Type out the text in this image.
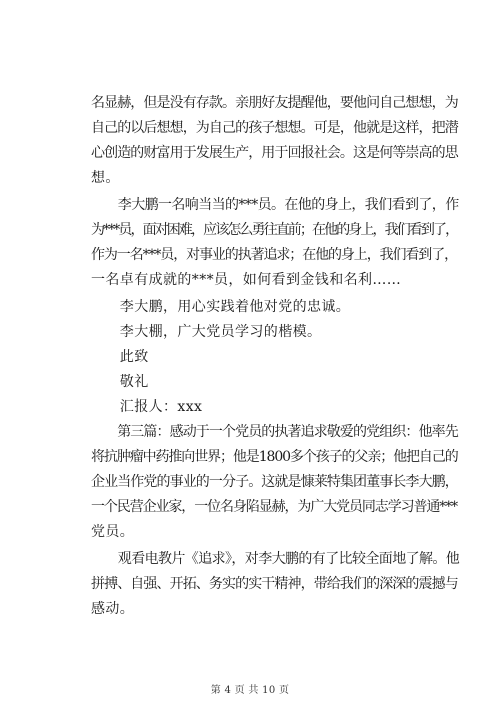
名显赫，但是没有存款。亲朋好友提醒他，要他问自己想想，为
自己的以后想想，为自己的孩子想想。可是，他就是这样，把潜
心创造的财富用于发展生产，用于回报社会。这是何等崇高的思
想。
　　李大鹏一名响当当的***员。在他的身上，我们看到了，作
为***员，面对困难，应该怎么勇往直前；在他的身上，我们看到了，
作为一名***员，对事业的执著追求；在他的身上，我们看到了，
一名卓有成就的***员，如何看到金钱和名利……
　　李大鹏，用心实践着他对党的忠诚。
　　李大棚，广大党员学习的楷模。
　　此致
　　敬礼
　　汇报人：xxx
　　第三篇：感动于一个党员的执著追求敬爱的党组织：他率先
将抗肿瘤中药推向世界；他是1800多个孩子的父亲；他把自己的
企业当作党的事业的一分子。这就是慷莱特集团董事长李大鹏，
一个民营企业家，一位名身陷显赫，为广大党员同志学习普通***
党员。
　　观看电教片《追求》，对李大鹏的有了比较全面地了解。他
拼搏、自强、开拓、务实的实干精神，带给我们的深深的震撼与
感动。
第 4 页 共 10 页
